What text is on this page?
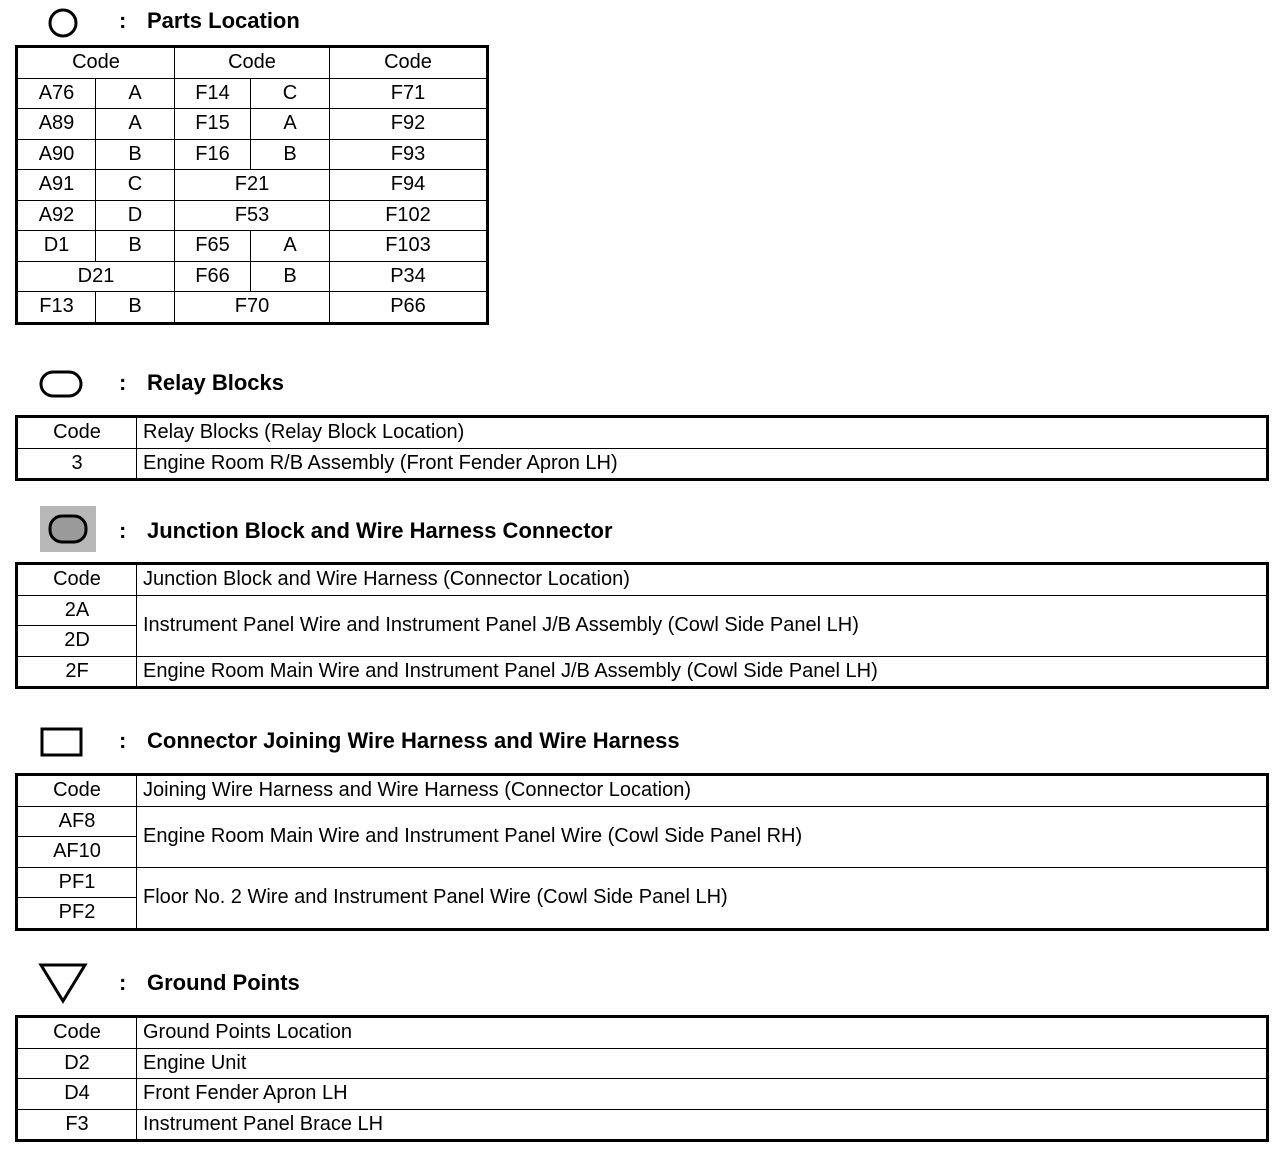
: Parts Location
Code		Code		Code
A76	A	F14	C	F71
A89	A	F15	A	F92
A90	B	F16	B	F93
A91	C	F21		F94
A92	D	F53		F102
D1	B	F65	A	F103
D21		F66	B	P34
F13	B	F70		P66
: Relay Blocks
Code	Relay Blocks (Relay Block Location)
3	Engine Room R/B Assembly (Front Fender Apron LH)
: Junction Block and Wire Harness Connector
Code	Junction Block and Wire Harness (Connector Location)
2A	Instrument Panel Wire and Instrument Panel J/B Assembly (Cowl Side Panel LH)
2D	
2F	Engine Room Main Wire and Instrument Panel J/B Assembly (Cowl Side Panel LH)
: Connector Joining Wire Harness and Wire Harness
Code	Joining Wire Harness and Wire Harness (Connector Location)
AF8	Engine Room Main Wire and Instrument Panel Wire (Cowl Side Panel RH)
AF10	
PF1	Floor No. 2 Wire and Instrument Panel Wire (Cowl Side Panel LH)
PF2	
: Ground Points
Code	Ground Points Location
D2	Engine Unit
D4	Front Fender Apron LH
F3	Instrument Panel Brace LH
